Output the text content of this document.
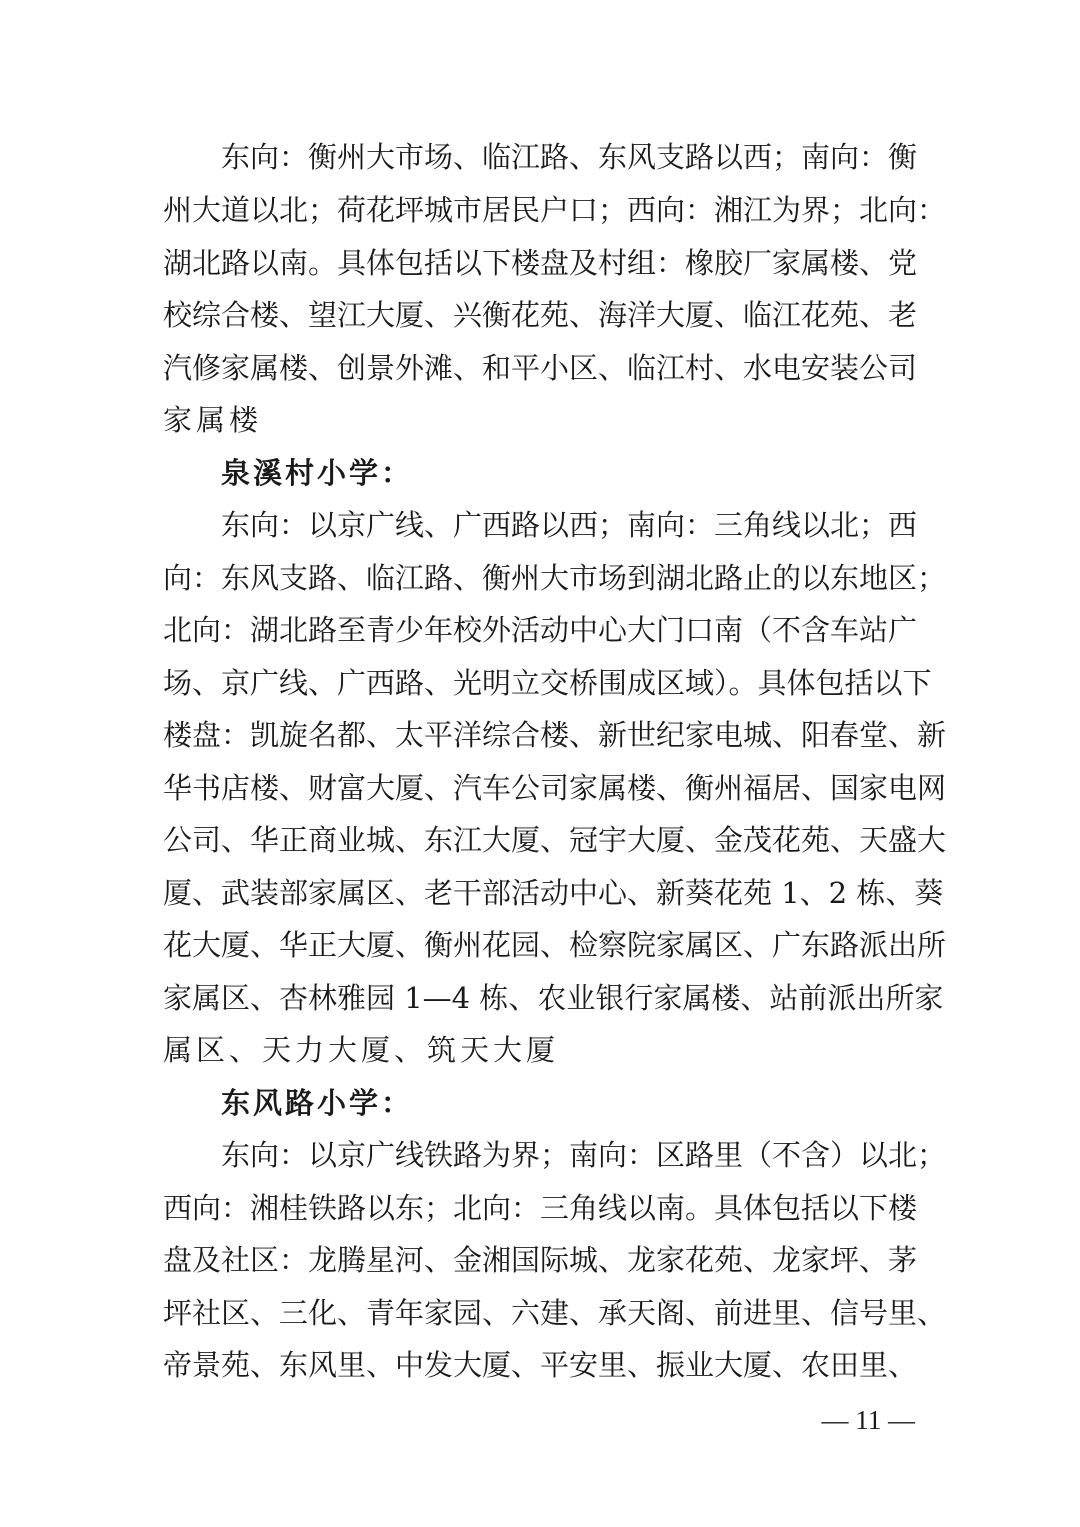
东向：衡州大市场、临江路、东风支路以西；南向：衡
州大道以北；荷花坪城市居民户口；西向：湘江为界；北向：
湖北路以南。具体包括以下楼盘及村组：橡胶厂家属楼、党
校综合楼、望江大厦、兴衡花苑、海洋大厦、临江花苑、老
汽修家属楼、创景外滩、和平小区、临江村、水电安装公司
家属楼
泉溪村小学：
东向：以京广线、广西路以西；南向：三角线以北；西
向：东风支路、临江路、衡州大市场到湖北路止的以东地区；
北向：湖北路至青少年校外活动中心大门口南（不含车站广
场、京广线、广西路、光明立交桥围成区域）。具体包括以下
楼盘：凯旋名都、太平洋综合楼、新世纪家电城、阳春堂、新
华书店楼、财富大厦、汽车公司家属楼、衡州福居、国家电网
公司、华正商业城、东江大厦、冠宇大厦、金茂花苑、天盛大
厦、武装部家属区、老干部活动中心、新葵花苑 1、2 栋、葵
花大厦、华正大厦、衡州花园、检察院家属区、广东路派出所
家属区、杏林雅园 1—4 栋、农业银行家属楼、站前派出所家
属区、天力大厦、筑天大厦
东风路小学：
东向：以京广线铁路为界；南向：区路里（不含）以北；
西向：湘桂铁路以东；北向：三角线以南。具体包括以下楼
盘及社区：龙腾星河、金湘国际城、龙家花苑、龙家坪、茅
坪社区、三化、青年家园、六建、承天阁、前进里、信号里、
帝景苑、东风里、中发大厦、平安里、振业大厦、农田里、
— 11 —
